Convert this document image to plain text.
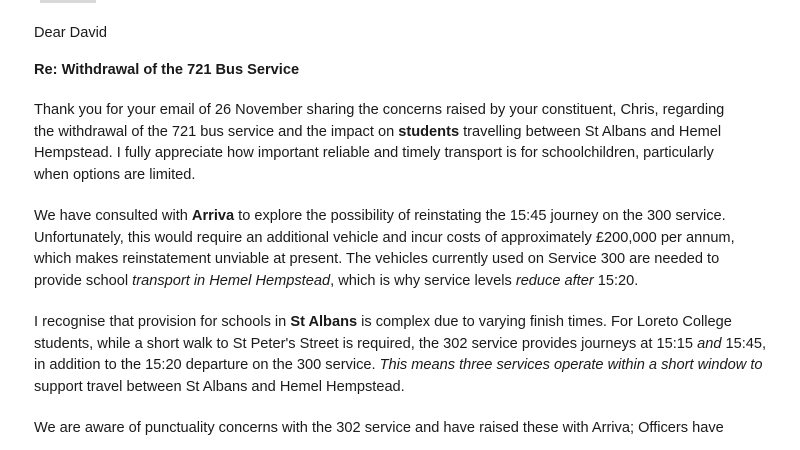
Dear David

Re: Withdrawal of the 721 Bus Service

Thank you for your email of 26 November sharing the concerns raised by your constituent, Chris, regarding
the withdrawal of the 721 bus service and the impact on students travelling between St Albans and Hemel
Hempstead. I fully appreciate how important reliable and timely transport is for schoolchildren, particularly
when options are limited.

We have consulted with Arriva to explore the possibility of reinstating the 15:45 journey on the 300 service.
Unfortunately, this would require an additional vehicle and incur costs of approximately £200,000 per annum,
which makes reinstatement unviable at present. The vehicles currently used on Service 300 are needed to
provide school transport in Hemel Hempstead, which is why service levels reduce after 15:20.

I recognise that provision for schools in St Albans is complex due to varying finish times. For Loreto College
students, while a short walk to St Peter's Street is required, the 302 service provides journeys at 15:15 and 15:45,
in addition to the 15:20 departure on the 300 service. This means three services operate within a short window to
support travel between St Albans and Hemel Hempstead.

We are aware of punctuality concerns with the 302 service and have raised these with Arriva; Officers have
